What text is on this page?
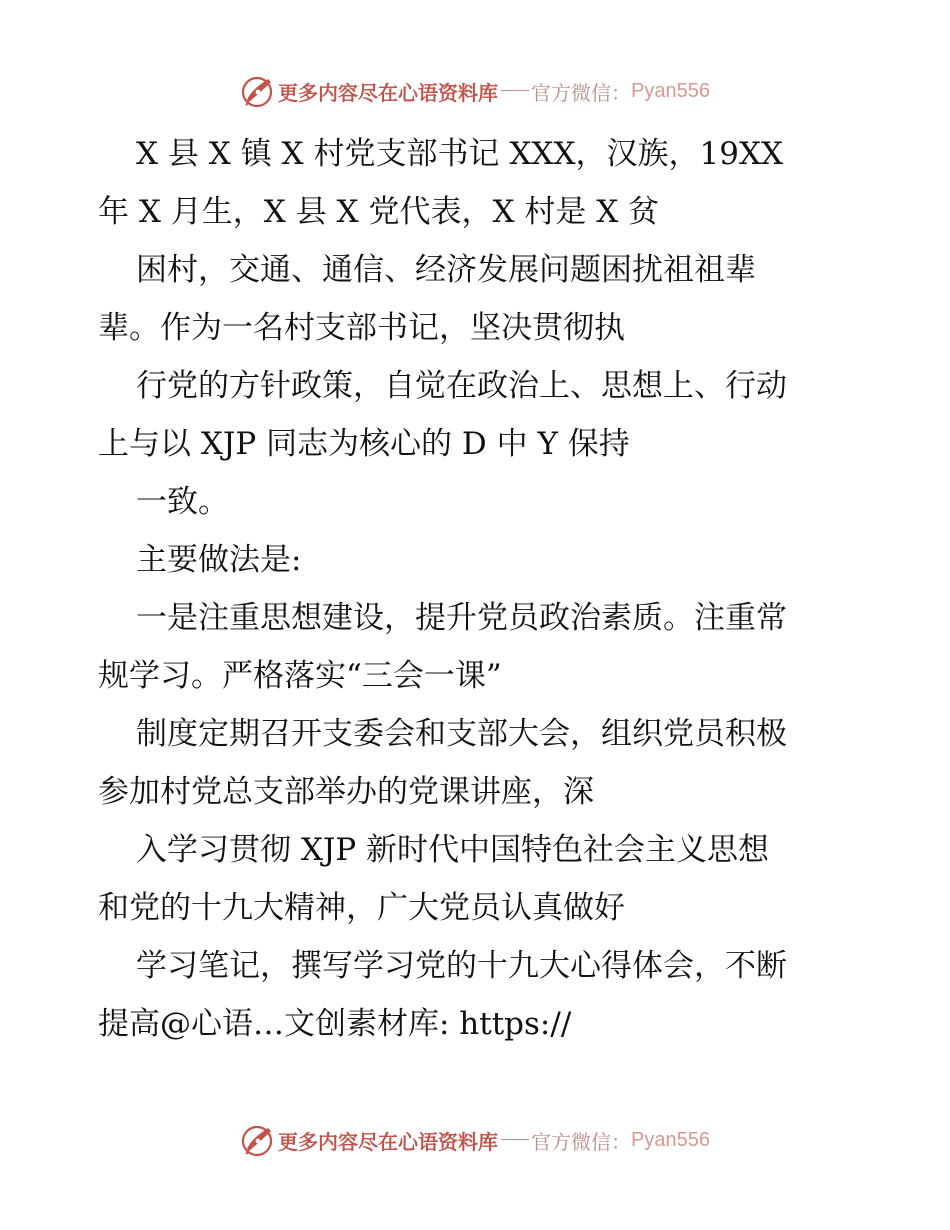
更多内容尽在心语资料库 官方微信： Pyan556
X 县 X 镇 X 村党支部书记 XXX，汉族，19XX
年 X 月生，X 县 X 党代表，X 村是 X 贫
困村，交通、通信、经济发展问题困扰祖祖辈
辈。作为一名村支部书记，坚决贯彻执
行党的方针政策，自觉在政治上、思想上、行动
上与以 XJP 同志为核心的 D 中 Y 保持
一致。
主要做法是:
一是注重思想建设，提升党员政治素质。注重常
规学习。严格落实“三会一课”
制度定期召开支委会和支部大会，组织党员积极
参加村党总支部举办的党课讲座，深
入学习贯彻 XJP 新时代中国特色社会主义思想
和党的十九大精神，广大党员认真做好
学习笔记，撰写学习党的十九大心得体会，不断
提高@心语…文创素材库: https://
更多内容尽在心语资料库 官方微信： Pyan556
